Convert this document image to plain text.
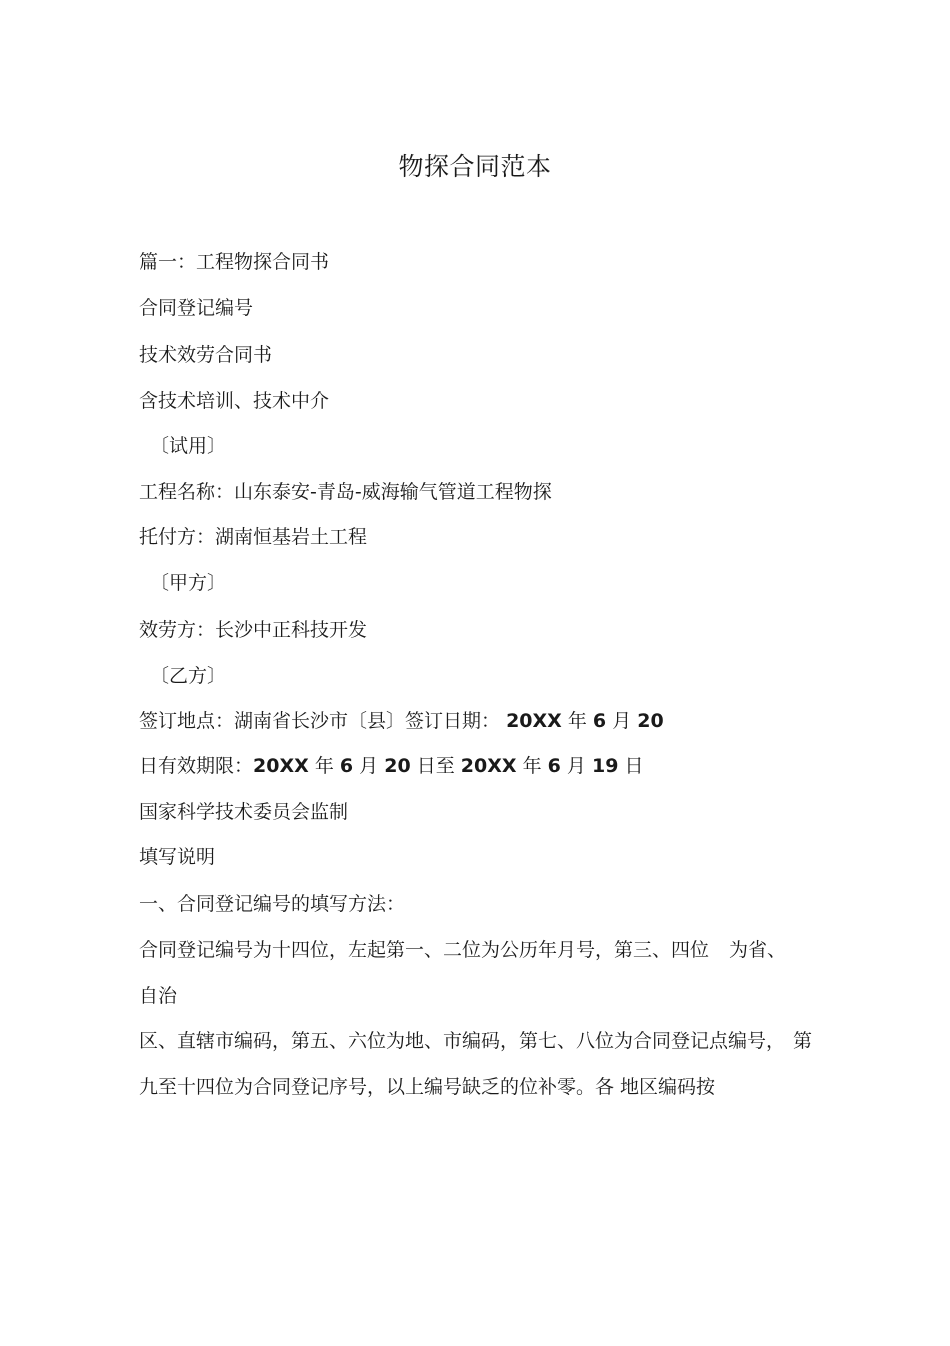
物探合同范本
篇一：工程物探合同书
合同登记编号
技术效劳合同书
含技术培训、技术中介
〔试用〕
工程名称：山东泰安-青岛-威海输气管道工程物探
托付方：湖南恒基岩土工程
〔甲方〕
效劳方：长沙中正科技开发
〔乙方〕
签订地点：湖南省长沙市〔县〕签订日期： 20XX 年 6 月 20
日有效期限：20XX 年 6 月 20 日至 20XX 年 6 月 19 日
国家科学技术委员会监制
填写说明
一、合同登记编号的填写方法：
合同登记编号为十四位，左起第一、二位为公历年月号，第三、四位 为省、
自治
区、直辖市编码，第五、六位为地、市编码，第七、八位为合同登记点编号， 第
九至十四位为合同登记序号，以上编号缺乏的位补零。各 地区编码按
